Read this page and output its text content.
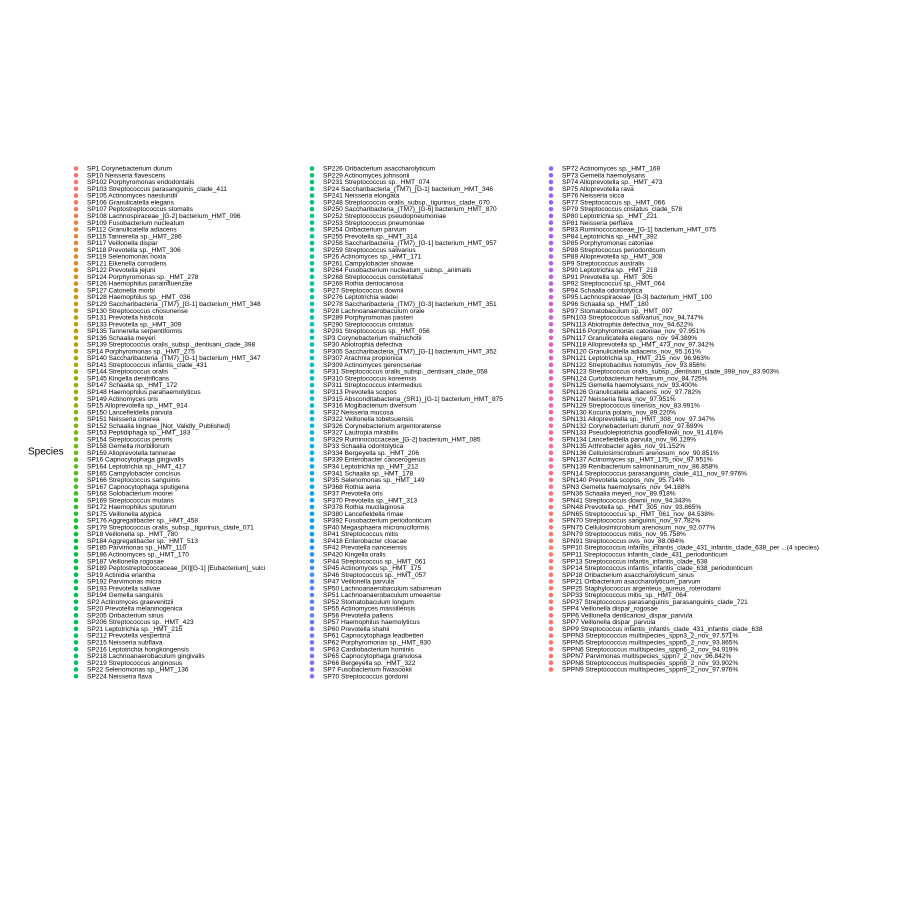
Species
SP1 Corynebacterium durum
SP10 Neisseria flavescens
SP102 Porphyromonas endodontalis
SP103 Streptococcus parasanguinis_clade_411
SP105 Actinomyces naeslundii
SP106 Granulicatella elegans
SP107 Peptostreptococcus stomatis
SP108 Lachnospiraceae_[G-2] bacterium_HMT_096
SP109 Fusobacterium nucleatum
SP112 Granulicatella adiacens
SP115 Tannerella sp._HMT_286
SP117 Veillonella dispar
SP118 Prevotella sp._HMT_306
SP119 Selenomonas noxia
SP121 Eikenella corrodens
SP122 Prevotella jejuni
SP124 Porphyromonas sp._HMT_278
SP126 Haemophilus parainfluenzae
SP127 Catonella morbi
SP128 Haemophilus sp._HMT_036
SP129 Saccharibacteria_(TM7)_[G-1] bacterium_HMT_348
SP130 Streptococcus chosunense
SP131 Prevotella histicola
SP133 Prevotella sp._HMT_309
SP135 Tannerella serpentiformis
SP136 Schaalia meyeri
SP139 Streptococcus oralis_subsp._dentisani_clade_398
SP14 Porphyromonas sp._HMT_275
SP140 Saccharibacteria_(TM7)_[G-1] bacterium_HMT_347
SP141 Streptococcus infantis_clade_431
SP144 Streptococcus oralis
SP145 Kingella denitrificans
SP147 Schaalia sp._HMT_172
SP148 Haemophilus parahaemolyticus
SP149 Actinomyces oris
SP15 Alloprevotella sp._HMT_914
SP150 Lancefieldella parvula
SP151 Neisseria cinerea
SP152 Schaalia lingnae_[Not_Validly_Published]
SP153 Peptidiphaga sp._HMT_183
SP154 Streptococcus peroris
SP158 Gemella morbillorum
SP159 Alloprevotella tannerae
SP16 Capnocytophaga gingivalis
SP164 Leptotrichia sp._HMT_417
SP165 Campylobacter concisus
SP166 Streptococcus sanguinis
SP167 Capnocytophaga sputigena
SP168 Solobacterium moorei
SP169 Streptococcus mutans
SP172 Haemophilus sputorum
SP175 Veillonella atypica
SP176 Aggregatibacter sp._HMT_458
SP179 Streptococcus oralis_subsp._tigurinus_clade_071
SP18 Veillonella sp._HMT_780
SP184 Aggregatibacter sp._HMT_513
SP185 Parvimonas sp._HMT_110
SP186 Actinomyces sp._HMT_170
SP187 Veillonella rogosae
SP189 Peptostreptococcaceae_[XI][G-1] [Eubacterium]_sulci
SP19 Actinidia eriantha
SP192 Parvimonas micra
SP193 Prevotella salivae
SP194 Gemella sanguinis
SP2 Actinomyces graevenitzii
SP20 Prevotella melaninogenica
SP205 Oribacterium sinus
SP206 Streptococcus sp._HMT_423
SP21 Leptotrichia sp._HMT_215
SP212 Prevotella vespertina
SP215 Neisseria subflava
SP216 Leptotrichia hongkongensis
SP218 Lachnoanaerobaculum gingivalis
SP219 Streptococcus anginosus
SP22 Selenomonas sp._HMT_136
SP224 Neisseria flava
SP226 Oribacterium asaccharolyticum
SP229 Actinomyces johnsonii
SP231 Streptococcus sp._HMT_074
SP24 Saccharibacteria_(TM7)_[G-1] bacterium_HMT_346
SP241 Neisseria elongata
SP248 Streptococcus oralis_subsp._tigurinus_clade_070
SP250 Saccharibacteria_(TM7)_[G-6] bacterium_HMT_870
SP252 Streptococcus pseudopneumoniae
SP253 Streptococcus pneumoniae
SP254 Oribacterium parvum
SP255 Prevotella sp._HMT_314
SP258 Saccharibacteria_(TM7)_[G-1] bacterium_HMT_957
SP259 Streptococcus salivarius
SP26 Actinomyces sp._HMT_171
SP261 Campylobacter showae
SP264 Fusobacterium nucleatum_subsp._animalis
SP268 Streptococcus constellatus
SP269 Rothia dentocariosa
SP27 Streptococcus downii
SP276 Leptotrichia wadei
SP278 Saccharibacteria_(TM7)_[G-3] bacterium_HMT_351
SP28 Lachnoanaerobaculum orale
SP289 Porphyromonas pasteri
SP290 Streptococcus cristatus
SP291 Streptococcus sp._HMT_056
SP3 Corynebacterium matruchotii
SP30 Abiotrophia defectiva
SP305 Saccharibacteria_(TM7)_[G-1] bacterium_HMT_352
SP307 Arachnia propionica
SP309 Actinomyces gerencseriae
SP31 Streptococcus oralis_subsp._dentisani_clade_058
SP310 Streptococcus koreensis
SP311 Streptococcus intermedius
SP313 Prevotella scopos
SP315 Absconditabacteria_(SR1)_[G-1] bacterium_HMT_875
SP316 Mogibacterium diversum
SP32 Neisseria mucosa
SP322 Veillonella tobetsuensis
SP326 Corynebacterium argentoratense
SP327 Lautropia mirabilis
SP329 Ruminococcaceae_[G-2] bacterium_HMT_085
SP33 Schaalia odontolytica
SP334 Bergeyella sp._HMT_206
SP339 Enterobacter cancerogenus
SP34 Leptotrichia sp._HMT_212
SP341 Schaalia sp._HMT_178
SP35 Selenomonas sp._HMT_149
SP368 Rothia aeria
SP37 Prevotella oris
SP370 Prevotella sp._HMT_313
SP378 Rothia mucilaginosa
SP380 Lancefieldella rimae
SP392 Fusobacterium periodonticum
SP40 Megasphaera micronuciformis
SP41 Streptococcus mitis
SP418 Enterobacter cloacae
SP42 Prevotella nanceiensis
SP420 Kingella oralis
SP44 Streptococcus sp._HMT_061
SP45 Actinomyces sp._HMT_175
SP46 Streptococcus sp._HMT_057
SP47 Veillonella parvula
SP50 Lachnoanaerobaculum saburreum
SP51 Lachnoanaerobaculum umeaense
SP52 Stomatobaculum longum
SP55 Actinomyces massiliensis
SP56 Prevotella pallens
SP57 Haemophilus haemolyticus
SP60 Prevotella shahii
SP61 Capnocytophaga leadbetteri
SP62 Porphyromonas sp._HMT_930
SP63 Cardiobacterium hominis
SP65 Capnocytophaga granulosa
SP66 Bergeyella sp._HMT_322
SP7 Fusobacterium hwasookii
SP70 Streptococcus gordonii
SP72 Actinomyces sp._HMT_169
SP73 Gemella haemolysans
SP74 Alloprevotella sp._HMT_473
SP75 Alloprevotella rava
SP76 Neisseria sicca
SP77 Streptococcus sp._HMT_066
SP79 Streptococcus cristatus_clade_578
SP80 Leptotrichia sp._HMT_221
SP81 Neisseria perflava
SP83 Ruminococcaceae_[G-1] bacterium_HMT_075
SP84 Leptotrichia sp._HMT_392
SP85 Porphyromonas catoniae
SP88 Streptococcus periodonticum
SP89 Alloprevotella sp._HMT_308
SP9 Streptococcus australis
SP90 Leptotrichia sp._HMT_218
SP91 Prevotella sp._HMT_305
SP92 Streptococcus sp._HMT_064
SP94 Schaalia odontolytica
SP95 Lachnospiraceae_[G-3] bacterium_HMT_100
SP96 Schaalia sp._HMT_180
SP97 Stomatobaculum sp._HMT_097
SPN103 Streptococcus salivarius_nov_94.747%
SPN113 Abiotrophia defectiva_nov_94.622%
SPN116 Porphyromonas catoniae_nov_97.951%
SPN117 Granulicatella elegans_nov_94.389%
SPN118 Alloprevotella sp._HMT_473_nov_97.342%
SPN120 Granulicatella adiacens_nov_95.161%
SPN121 Leptotrichia sp._HMT_215_nov_96.963%
SPN122 Streptobacillus notomytis_nov_93.856%
SPN123 Streptococcus oralis_subsp._dentisani_clade_398_nov_83.903%
SPN124 Curtobacterium herbarum_nov_84.725%
SPN125 Gemella haemolysans_nov_93.400%
SPN126 Granulicatella adiacens_nov_97.782%
SPN127 Neisseria flava_nov_97.951%
SPN129 Streptococcus sinensis_nov_83.991%
SPN130 Kocuria polaris_nov_89.220%
SPN131 Alloprevotella sp._HMT_308_nov_97.347%
SPN132 Corynebacterium durum_nov_97.699%
SPN133 Pseudoleptotrichia goodfellowii_nov_91.416%
SPN134 Lancefieldella parvula_nov_96.129%
SPN135 Arthrobacter agilis_nov_91.152%
SPN136 Cellulosimicrobium arenosum_nov_90.851%
SPN137 Actinomyces sp._HMT_175_nov_97.951%
SPN139 Renibacterium salmoninarum_nov_86.858%
SPN14 Streptococcus parasanguinis_clade_411_nov_97.976%
SPN140 Prevotella scopos_nov_95.714%
SPN3 Gemella haemolysans_nov_94.188%
SPN36 Schaalia meyeri_nov_89.918%
SPN41 Streptococcus downii_nov_94.343%
SPN48 Prevotella sp._HMT_305_nov_93.865%
SPN65 Streptococcus sp._HMT_061_nov_84.538%
SPN70 Streptococcus sanguinis_nov_97.782%
SPN75 Cellulosimicrobium arenosum_nov_92.077%
SPN79 Streptococcus mitis_nov_95.758%
SPN91 Streptococcus ovis_nov_88.084%
SPP10 Streptococcus infantis_infantis_clade_431_infantis_clade_638_per ...(4 species)
SPP11 Streptococcus infantis_clade_431_periodonticum
SPP13 Streptococcus infantis_infantis_clade_638
SPP14 Streptococcus infantis_infantis_clade_638_periodonticum
SPP18 Oribacterium asaccharolyticum_sinus
SPP21 Oribacterium asaccharolyticum_parvum
SPP25 Staphylococcus argenteus_aureus_roterodami
SPP33 Streptococcus mitis_sp._HMT_064
SPP37 Streptococcus parasanguinis_parasanguinis_clade_721
SPP4 Veillonella dispar_rogosae
SPP6 Veillonella denticariosi_dispar_parvula
SPP7 Veillonella dispar_parvula
SPP9 Streptococcus infantis_infantis_clade_431_infantis_clade_638
SPPN3 Streptococcus multispecies_sppn3_2_nov_97.571%
SPPN5 Streptococcus multispecies_sppn5_2_nov_93.865%
SPPN6 Streptococcus multispecies_sppn6_2_nov_94.919%
SPPN7 Parvimonas multispecies_sppn7_2_nov_96.842%
SPPN8 Streptococcus multispecies_sppn8_2_nov_93.902%
SPPN9 Streptococcus multispecies_sppn9_2_nov_97.976%
